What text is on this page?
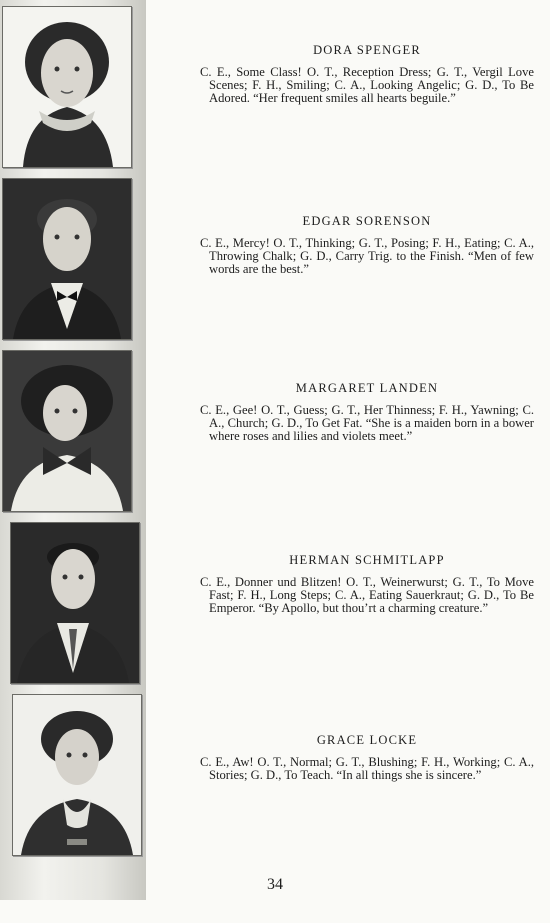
DORA SPENGER

C. E., Some Class! O. T., Reception Dress; G. T., Vergil Love Scenes; F. H., Smiling; C. A., Looking Angelic; G. D., To Be Adored. “Her frequent smiles all hearts beguile.”

EDGAR SORENSON

C. E., Mercy! O. T., Thinking; G. T., Posing; F. H., Eating; C. A., Throwing Chalk; G. D., Carry Trig. to the Finish. “Men of few words are the best.”

MARGARET LANDEN

C. E., Gee! O. T., Guess; G. T., Her Thinness; F. H., Yawning; C. A., Church; G. D., To Get Fat. “She is a maiden born in a bower where roses and lilies and violets meet.”

HERMAN SCHMITLAPP

C. E., Donner und Blitzen! O. T., Weinerwurst; G. T., To Move Fast; F. H., Long Steps; C. A., Eating Sauerkraut; G. D., To Be Emperor. “By Apollo, but thou’rt a charming creature.”

GRACE LOCKE

C. E., Aw! O. T., Normal; G. T., Blushing; F. H., Working; C. A., Stories; G. D., To Teach. “In all things she is sincere.”

34
